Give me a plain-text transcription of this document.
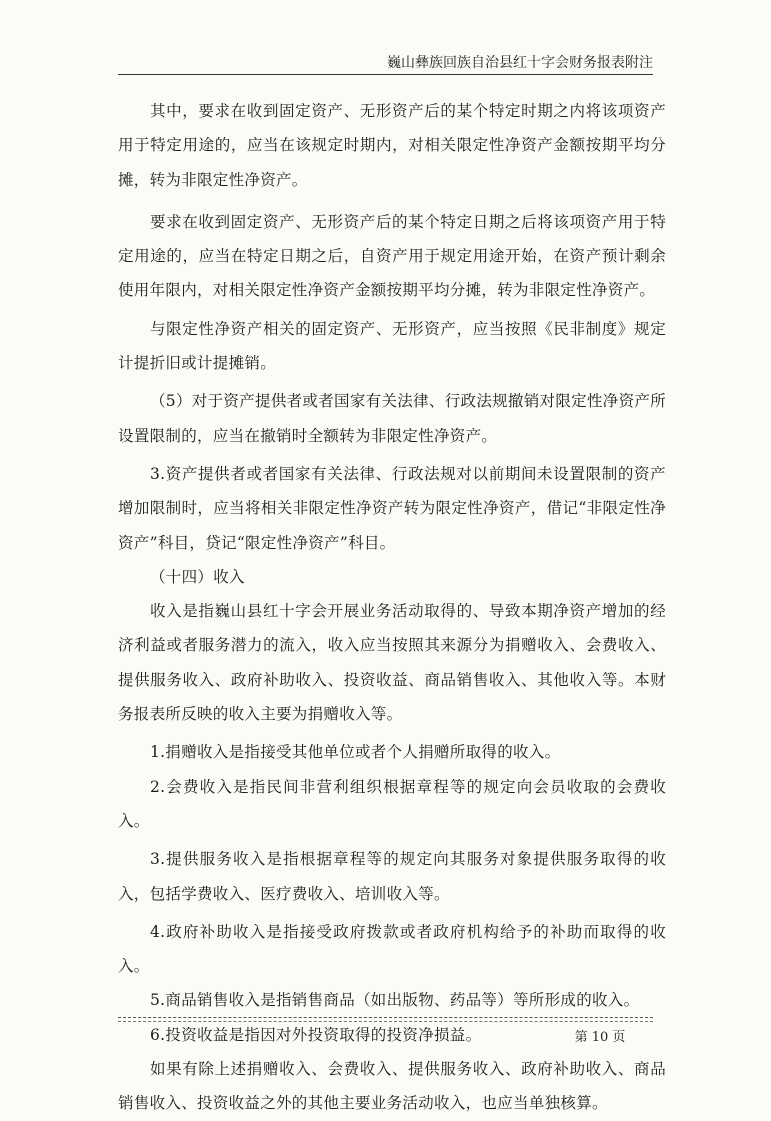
巍山彝族回族自治县红十字会财务报表附注

其中，要求在收到固定资产、无形资产后的某个特定时期之内将该项资产用于特定用途的，应当在该规定时期内，对相关限定性净资产金额按期平均分摊，转为非限定性净资产。

要求在收到固定资产、无形资产后的某个特定日期之后将该项资产用于特定用途的，应当在特定日期之后，自资产用于规定用途开始，在资产预计剩余使用年限内，对相关限定性净资产金额按期平均分摊，转为非限定性净资产。

与限定性净资产相关的固定资产、无形资产，应当按照《民非制度》规定计提折旧或计提摊销。

（5）对于资产提供者或者国家有关法律、行政法规撤销对限定性净资产所设置限制的，应当在撤销时全额转为非限定性净资产。

3.资产提供者或者国家有关法律、行政法规对以前期间未设置限制的资产增加限制时，应当将相关非限定性净资产转为限定性净资产，借记“非限定性净资产”科目，贷记“限定性净资产”科目。

（十四）收入

收入是指巍山县红十字会开展业务活动取得的、导致本期净资产增加的经济利益或者服务潜力的流入，收入应当按照其来源分为捐赠收入、会费收入、提供服务收入、政府补助收入、投资收益、商品销售收入、其他收入等。本财务报表所反映的收入主要为捐赠收入等。

1.捐赠收入是指接受其他单位或者个人捐赠所取得的收入。

2.会费收入是指民间非营利组织根据章程等的规定向会员收取的会费收入。

3.提供服务收入是指根据章程等的规定向其服务对象提供服务取得的收入，包括学费收入、医疗费收入、培训收入等。

4.政府补助收入是指接受政府拨款或者政府机构给予的补助而取得的收入。

5.商品销售收入是指销售商品（如出版物、药品等）等所形成的收入。

6.投资收益是指因对外投资取得的投资净损益。

如果有除上述捐赠收入、会费收入、提供服务收入、政府补助收入、商品销售收入、投资收益之外的其他主要业务活动收入，也应当单独核算。

第 10 页
